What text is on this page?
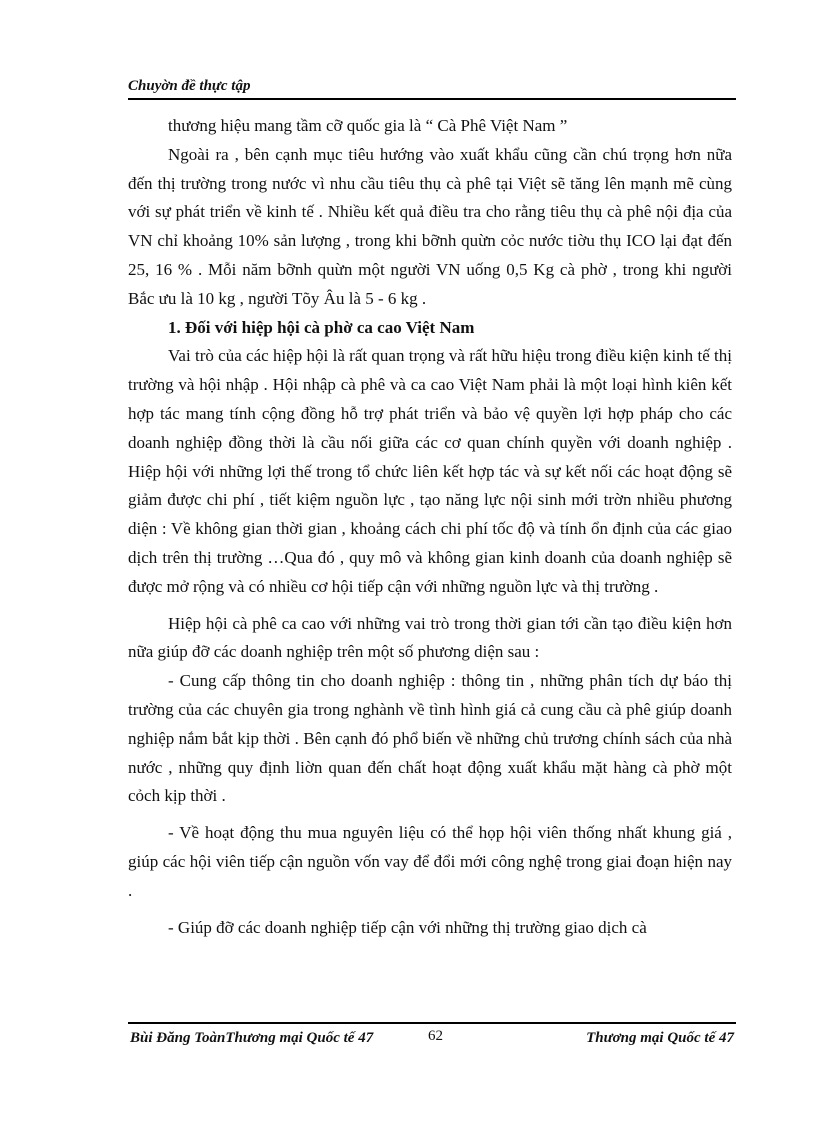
Chuyờn đề thực tập

thương hiệu mang tầm cỡ quốc gia là “ Cà Phê Việt Nam ”

Ngoài ra , bên cạnh mục tiêu hướng vào xuất khẩu cũng cần chú trọng hơn nữa đến thị trường trong nước vì nhu cầu tiêu thụ cà phê tại Việt sẽ tăng lên mạnh mẽ cùng với sự phát triển về kinh tế . Nhiều kết quả điều tra cho rằng tiêu thụ cà phê nội địa của VN chỉ khoảng 10% sản lượng , trong khi bỡnh quừn cỏc nước tiờu thụ ICO lại đạt đến 25, 16 % . Mỗi năm bỡnh quừn một người VN uống 0,5 Kg cà phờ , trong khi người Bắc ưu là 10 kg , người Tõy Âu là 5 - 6 kg .

1. Đối với hiệp hội cà phờ ca cao Việt Nam

Vai trò của các hiệp hội là rất quan trọng và rất hữu hiệu trong điều kiện kinh tế thị trường và hội nhập . Hội nhập cà phê và ca cao Việt Nam phải là một loại hình kiên kết hợp tác mang tính cộng đồng hỗ trợ phát triển và bảo vệ quyền lợi hợp pháp cho các doanh nghiệp đồng thời là cầu nối giữa các cơ quan chính quyền với doanh nghiệp . Hiệp hội với những lợi thế trong tổ chức liên kết hợp tác và sự kết nối các hoạt động sẽ giảm được chi phí , tiết kiệm nguồn lực , tạo năng lực nội sinh mới trờn nhiều phương diện : Về không gian thời gian , khoảng cách chi phí tốc độ và tính ổn định của các giao dịch trên thị trường …Qua đó , quy mô và không gian kinh doanh của doanh nghiệp sẽ được mở rộng và có nhiều cơ hội tiếp cận với những nguồn lực và thị trường .

Hiệp hội cà phê ca cao với những vai trò trong thời gian tới cần tạo điều kiện hơn nữa giúp đỡ các doanh nghiệp trên một số phương diện sau :

- Cung cấp thông tin cho doanh nghiệp : thông tin , những phân tích dự báo thị trường của các chuyên gia trong nghành về tình hình giá cả cung cầu cà phê giúp doanh nghiệp nắm bắt kịp thời . Bên cạnh đó phổ biến về những chủ trương chính sách của nhà nước , những quy định liờn quan đến chất hoạt động xuất khẩu mặt hàng cà phờ một cỏch kịp thời .

- Về hoạt động thu mua nguyên liệu có thể họp hội viên thống nhất khung giá , giúp các hội viên tiếp cận nguồn vốn vay để đổi mới công nghệ trong giai đoạn hiện nay .

- Giúp đỡ các doanh nghiệp tiếp cận với những thị trường giao dịch cà

Bùi Đăng ToànThương mại Quốc tế 47	62	Thương mại Quốc tế 47
